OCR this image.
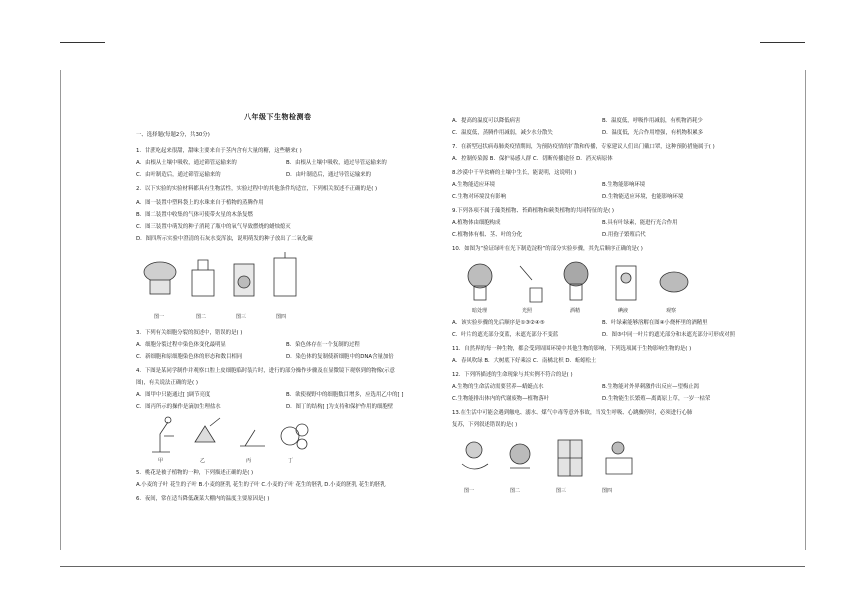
八年级下生物检测卷
一、选择题(每题2分，共30分)
1．甘蔗吃起来很甜，甜味主要来自于茎内含有大量的糖，这些糖来( )
A．由根从土壤中吸收，通过筛管运输来的	B．由根从土壤中吸收，通过导管运输来的
C．由叶制造后，通过筛管运输来的	D．由叶制造后，通过导管运输来的
2．以下实验的实验材料都具有生物活性，实验过程中的其他条件均适宜，下列相关叙述不正确的是( )
A．图一装置中塑料袋上的水珠来自于植物的蒸腾作用
B．图二装置中收集的气体可使带火星的木条复燃
C．图三装置中萌发的种子消耗了瓶中的氧气导致燃烧的蜡烛熄灭
D．图四所示实验中澄清的石灰水变浑浊，说明萌发的种子放出了二氧化碳
图一	图二	图三	图四
3．下列有关细胞分裂的叙述中，错误的是( )
A．细胞分裂过程中染色体变化最明显	B．染色体存在一个复制的过程
C．新细胞和原细胞染色体的形态和数目相同	D．染色体的复制使新细胞中的DNA含量加倍
4．下图是某同学制作并观察口腔上皮细胞临时装片时，进行的部分操作步骤及在显微镜下观察到的物像(示意
图)，有关说法正确的是( )
A．图甲中只能通过[ ]调节亮度	B．欲使视野中的细胞数目增多，应选用乙中的[ ]
C．图丙所示的操作是滴加生理盐水	D．图丁的结构[ ]为支持和保护作用的细胞壁
甲	乙	丙	丁
5．桃花是被子植物的一种，下列描述正确的是( )
A.小麦的子叶 花生的子叶 B.小麦的胚乳 花生的子叶 C.小麦的子叶 花生的胚乳 D.小麦的胚乳 花生的胚乳
6．夜间，常在适当降低蔬菜大棚内的温度主要原因是( )
A．提高的温度可以降低病害	B．温度低，呼吸作用减弱，有机物消耗少
C．温度低，蒸腾作用减弱，减少水分散失	D．温度低，光合作用增强，有机物积累多
7．在新型冠状病毒肺炎疫情期间，为预防疫情的扩散和传播，专家建议人们出门戴口罩，这种预防措施属于( )
A．控制传染源 B．保护易感人群 C．切断传播途径 D．消灭病原体
8.沙漠中干旱贫瘠的土壤中生长，能说明，这说明( )
A.生物能适应环境	B.生物能影响环境
C.生物对环境没有影响	D.生物能适应环境，也能影响环境
9.下列各项不属于藻类植物、苔藓植物和蕨类植物的共同特征的是( )
A.植物体由细胞构成	B.具有叶绿素，能进行光合作用
C.植物体有根、茎、叶的分化	D.用孢子繁殖后代
10．如图为“验证绿叶在光下制造淀粉”的部分实验步骤，其先后顺序正确的是( )
暗处理	光照	酒精	碘液	观察
A．该实验步骤的先后顺序是①③②④⑤	B．叶绿素能够溶解在图④小烧杯里的酒精里
C．叶片的遮光部分变蓝，未遮光部分不变蓝	D．图③中同一叶片的遮光部分和未遮光部分可形成对照
11．自然界的每一种生物，都会受到周围环境中其他生物的影响，下列选项属于生物影响生物的是( )
A．春风吹绿 B．大树底下好乘凉 C．南橘北枳 D．蚯蚓松土
12．下列所描述的生命现象与其实例不符合的是( )
A.生物的生命活动需要营养—蜻蜓点水	B.生物能对外界刺激作出反应—望梅止渴
C.生物能排出体内的代谢废物—植物落叶	D.生物能生长繁殖—离离原上草，一岁一枯荣
13.在生活中可能会遇到触电、溺水、煤气中毒等意外事故，当发生呼吸、心跳骤停时，必须进行心肺
复苏，下列叙述错误的是( )
图一	图二	图三	图四
